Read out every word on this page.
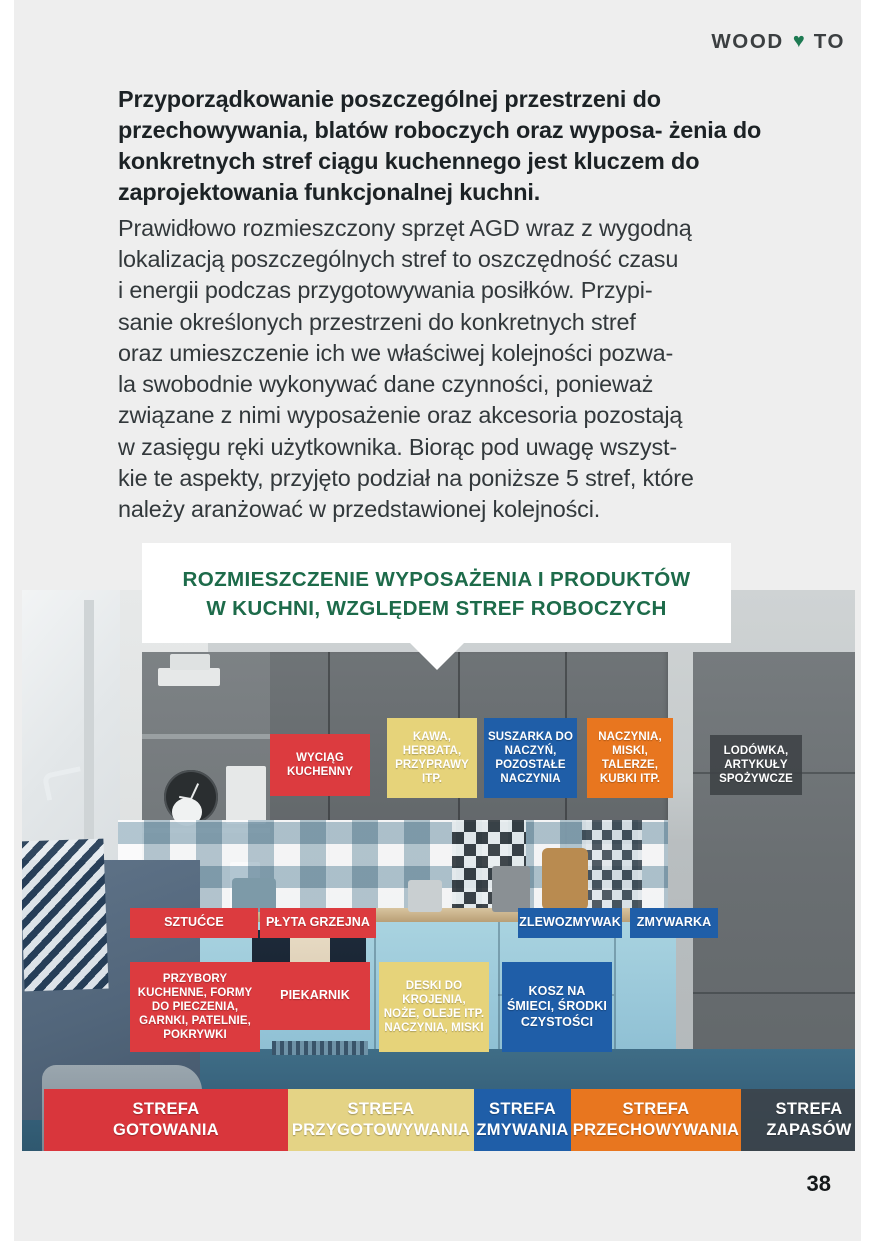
WOOD ♥ TO

Przyporządkowanie poszczególnej przestrzeni do przechowywania, blatów roboczych oraz wyposa- żenia do konkretnych stref ciągu kuchennego jest kluczem do zaprojektowania funkcjonalnej kuchni.

Prawidłowo rozmieszczony sprzęt AGD wraz z wygodną
lokalizacją poszczególnych stref to oszczędność czasu
i energii podczas przygotowywania posiłków. Przypi-
sanie określonych przestrzeni do konkretnych stref
oraz umieszczenie ich we właściwej kolejności pozwa-
la swobodnie wykonywać dane czynności, ponieważ
związane z nimi wyposażenie oraz akcesoria pozostają
w zasięgu ręki użytkownika. Biorąc pod uwagę wszyst-
kie te aspekty, przyjęto podział na poniższe 5 stref, które
należy aranżować w przedstawionej kolejności.

WYCIĄG KUCHENNY
KAWA, HERBATA, PRZYPRAWY ITP.
SUSZARKA DO NACZYŃ, POZOSTAŁE NACZYNIA
NACZYNIA, MISKI, TALERZE, KUBKI ITP.
LODÓWKA, ARTYKUŁY SPOŻYWCZE
SZTUĆCE	PŁYTA GRZEJNA	ZLEWOZMYWAK ZMYWARKA
PRZYBORY KUCHENNE, FORMY DO PIECZENIA, GARNKI, PATELNIE, POKRYWKI
PIEKARNIK
DESKI DO KROJENIA, NOŻE, OLEJE ITP. NACZYNIA, MISKI
KOSZ NA ŚMIECI, ŚRODKI CZYSTOŚCI
STREFA
GOTOWANIA
STREFA
PRZYGOTOWYWANIA
STREFA
ZMYWANIA
STREFA
PRZECHOWYWANIA
STREFA
ZAPASÓW

ROZMIESZCZENIE WYPOSAŻENIA I PRODUKTÓW
W KUCHNI, WZGLĘDEM STREF ROBOCZYCH

38
